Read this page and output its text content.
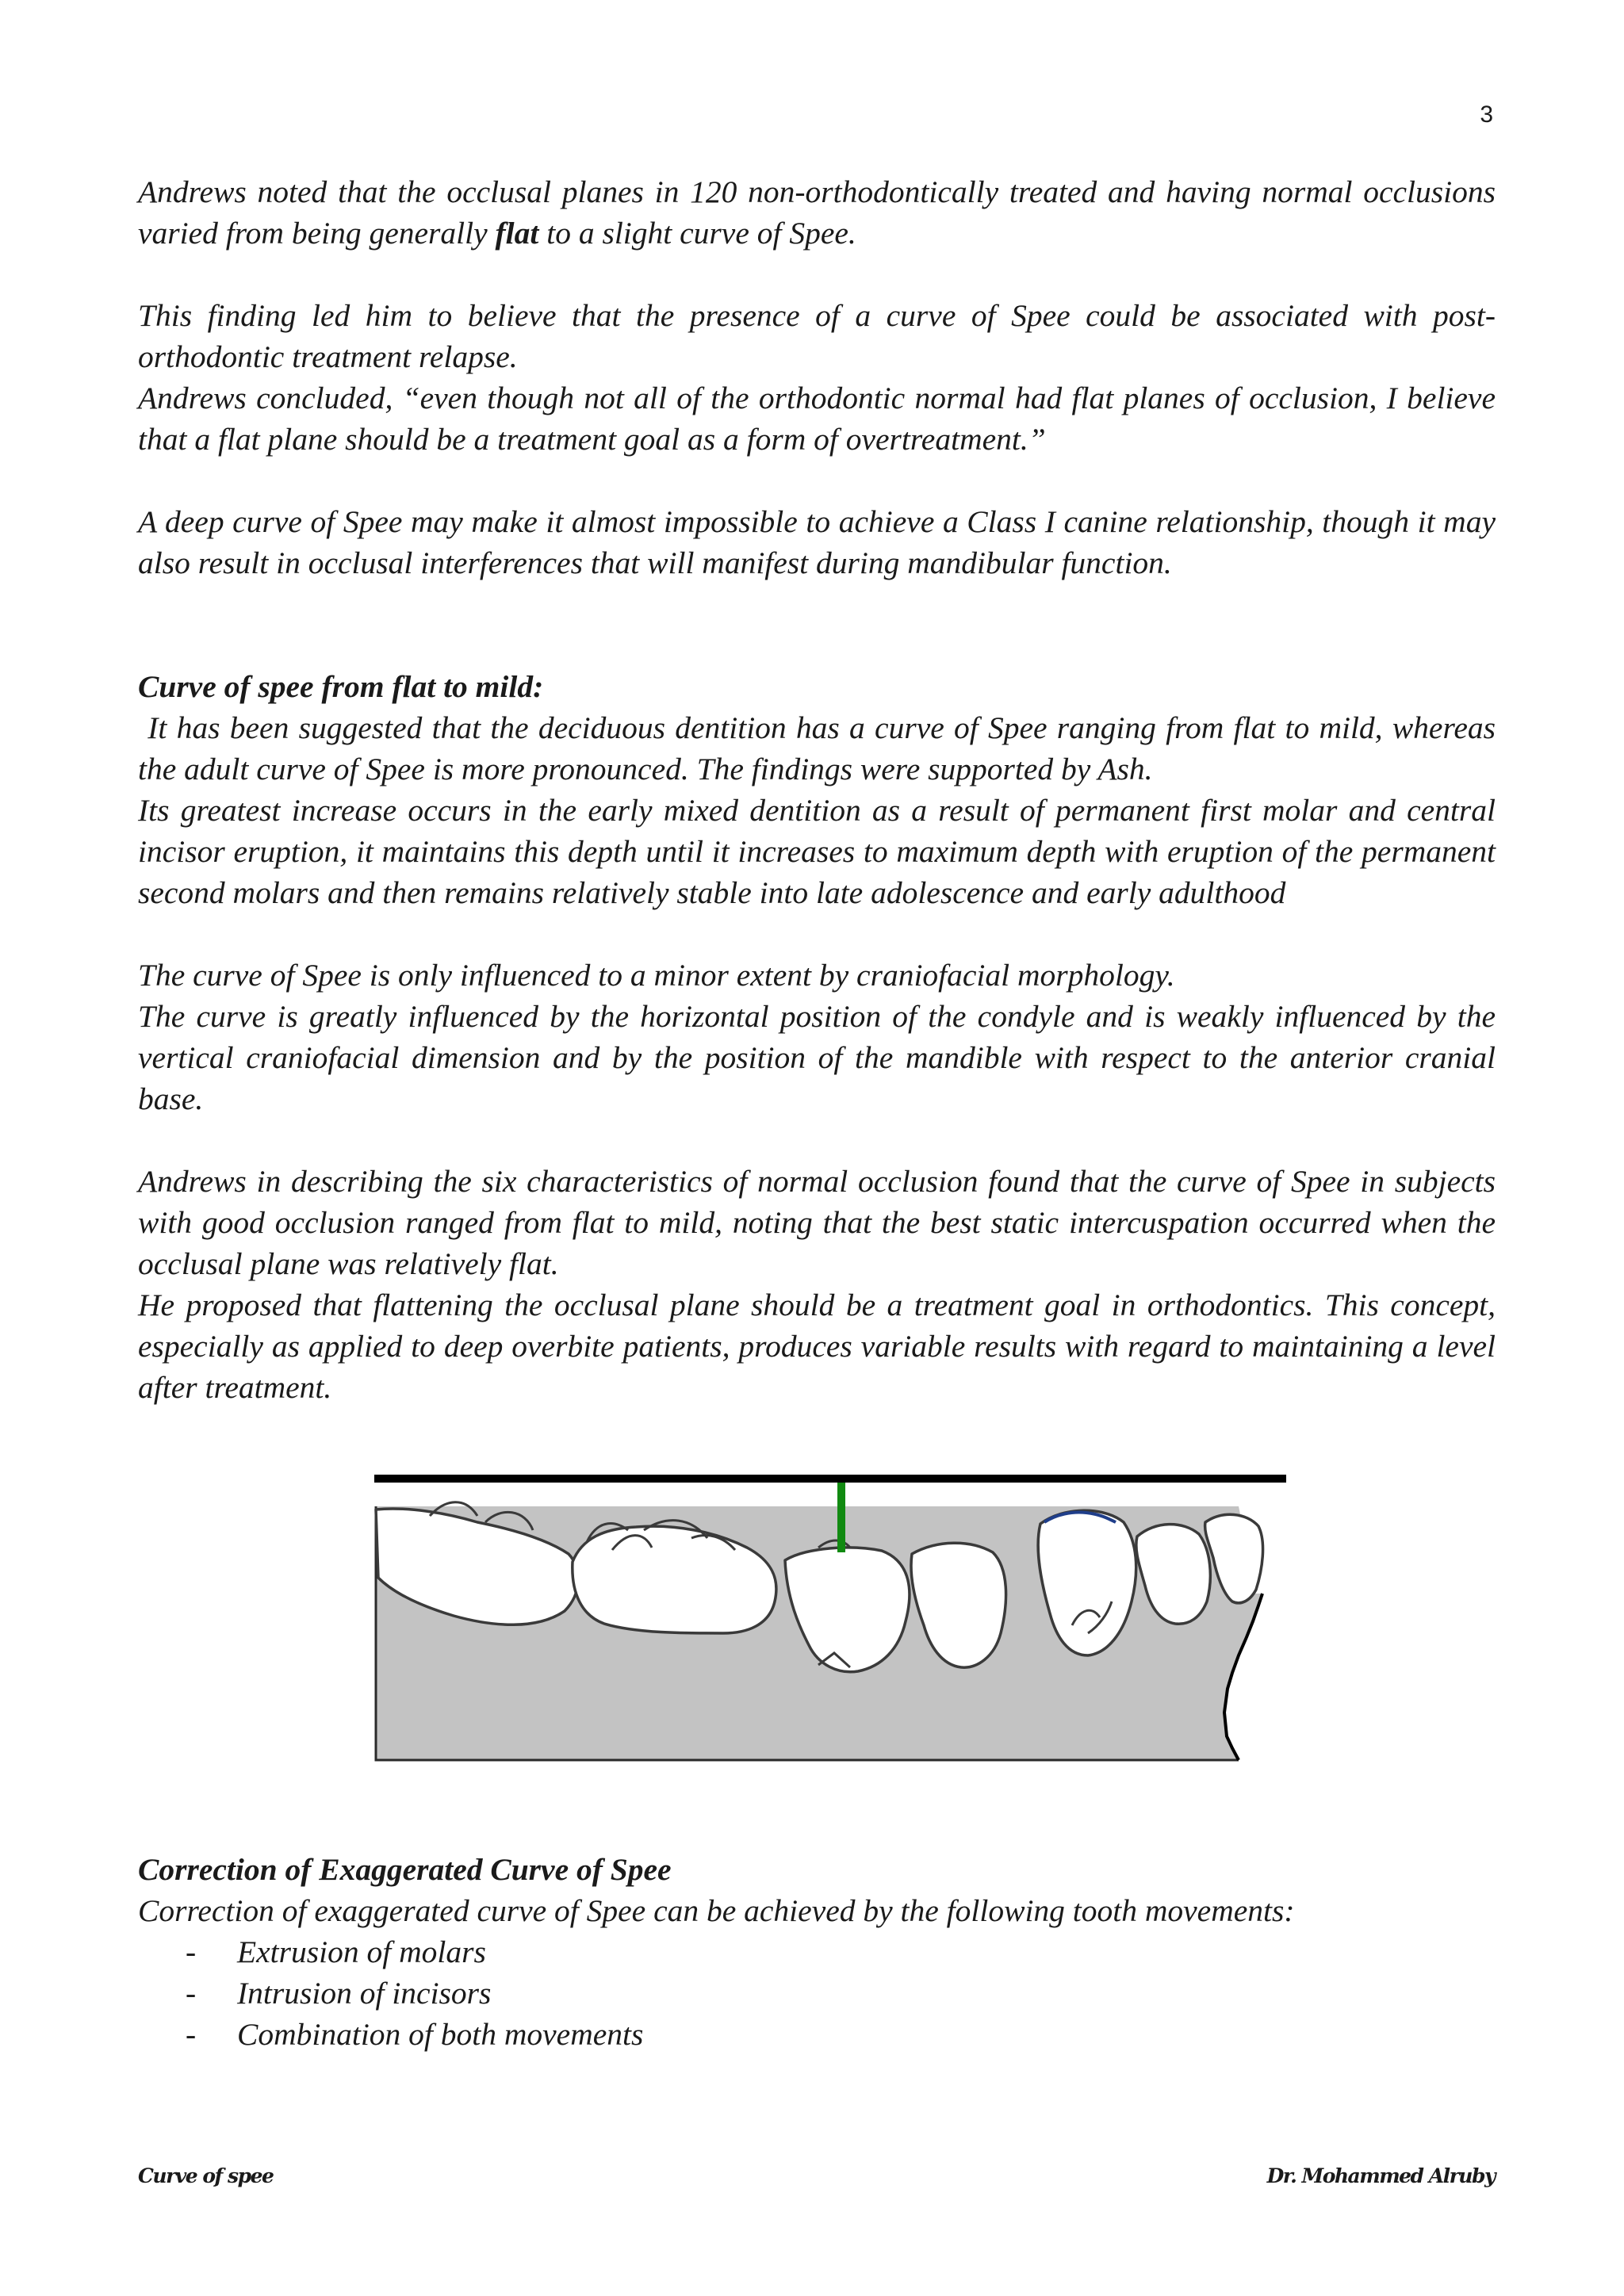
3

Andrews noted that the occlusal planes in 120 non-orthodontically treated and having normal occlusions varied from being generally flat to a slight curve of Spee.

This finding led him to believe that the presence of a curve of Spee could be associated with post-orthodontic treatment relapse.

Andrews concluded, “even though not all of the orthodontic normal had flat planes of occlusion, I believe that a flat plane should be a treatment goal as a form of overtreatment.”

A deep curve of Spee may make it almost impossible to achieve a Class I canine relationship, though it may also result in occlusal interferences that will manifest during mandibular function.

Curve of spee from flat to mild:

It has been suggested that the deciduous dentition has a curve of Spee ranging from flat to mild, whereas the adult curve of Spee is more pronounced. The findings were supported by Ash.

Its greatest increase occurs in the early mixed dentition as a result of permanent first molar and central incisor eruption, it maintains this depth until it increases to maximum depth with eruption of the permanent second molars and then remains relatively stable into late adolescence and early adulthood

The curve of Spee is only influenced to a minor extent by craniofacial morphology.

The curve is greatly influenced by the horizontal position of the condyle and is weakly influenced by the vertical craniofacial dimension and by the position of the mandible with respect to the anterior cranial base.

Andrews in describing the six characteristics of normal occlusion found that the curve of Spee in subjects with good occlusion ranged from flat to mild, noting that the best static intercuspation occurred when the occlusal plane was relatively flat.

He proposed that flattening the occlusal plane should be a treatment goal in orthodontics. This concept, especially as applied to deep overbite patients, produces variable results with regard to maintaining a level after treatment.

Correction of Exaggerated Curve of Spee

Correction of exaggerated curve of Spee can be achieved by the following tooth movements:

- Extrusion of molars
- Intrusion of incisors
- Combination of both movements
Curve of spee	Dr. Mohammed Alruby
